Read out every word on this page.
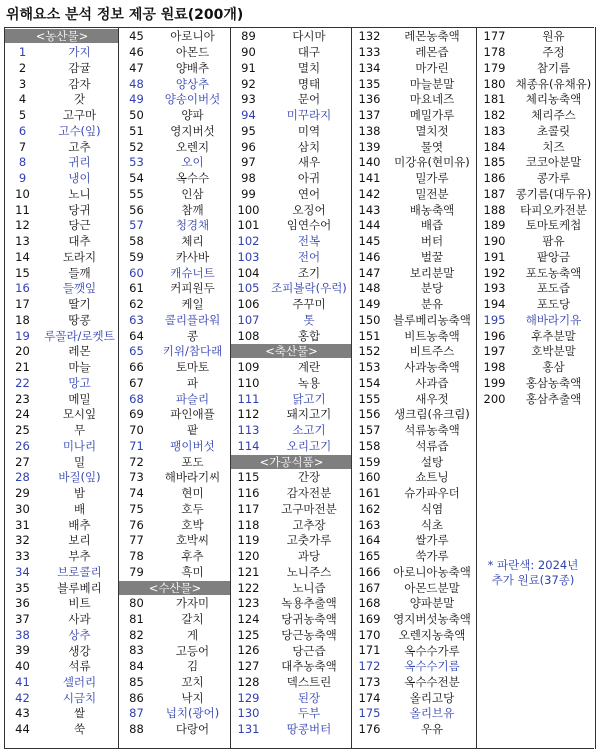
위해요소 분석 정보 제공 원료(200개)
<농산물>
1	가지
2	감귤
3	감자
4	갓
5	고구마
6	고수(잎)
7	고추
8	귀리
9	냉이
10	노니
11	당귀
12	당근
13	대추
14	도라지
15	들깨
16	들깻잎
17	딸기
18	땅콩
19	루꼴라/로켓트
20	레몬
21	마늘
22	망고
23	메밀
24	모시잎
25	무
26	미나리
27	밀
28	바질(잎)
29	밤
30	배
31	배추
32	보리
33	부추
34	브로콜리
35	블루베리
36	비트
37	사과
38	상추
39	생강
40	석류
41	셀러리
42	시금치
43	쌀
44	쑥
45	아로니아
46	아몬드
47	양배추
48	양상추
49	양송이버섯
50	양파
51	영지버섯
52	오렌지
53	오이
54	옥수수
55	인삼
56	참깨
57	청경채
58	체리
59	카사바
60	캐슈너트
61	커피원두
62	케일
63	콜리플라워
64	콩
65	키위/참다래
66	토마토
67	파
68	파슬리
69	파인애플
70	팥
71	팽이버섯
72	포도
73	해바라기씨
74	현미
75	호두
76	호박
77	호박씨
78	후추
79	흑미
<수산물>
80	가자미
81	갈치
82	게
83	고등어
84	김
85	꼬치
86	낙지
87	넙치(광어)
88	다랑어
89	다시마
90	대구
91	멸치
92	명태
93	문어
94	미꾸라지
95	미역
96	삼치
97	새우
98	아귀
99	연어
100	오징어
101	임연수어
102	전복
103	전어
104	조기
105	조피볼락(우럭)
106	주꾸미
107	톳
108	홍합
<축산물>
109	계란
110	녹용
111	닭고기
112	돼지고기
113	소고기
114	오리고기
<가공식품>
115	간장
116	감자전분
117	고구마전분
118	고추장
119	고춧가루
120	과당
121	노니주스
122	노니즙
123	녹용추출액
124	당귀농축액
125	당근농축액
126	당근즙
127	대추농축액
128	덱스트린
129	된장
130	두부
131	땅콩버터
132	레몬농축액
133	레몬즙
134	마가린
135	마늘분말
136	마요네즈
137	메밀가루
138	멸치젓
139	물엿
140	미강유(현미유)
141	밀가루
142	밀전분
143	배농축액
144	배즙
145	버터
146	벌꿀
147	보리분말
148	분당
149	분유
150	블루베리농축액
151	비트농축액
152	비트주스
153	사과농축액
154	사과즙
155	새우젓
156	생크림(유크림)
157	석류농축액
158	석류즙
159	설탕
160	쇼트닝
161	슈가파우더
162	식염
163	식초
164	쌀가루
165	쑥가루
166	아로니아농축액
167	아몬드분말
168	양파분말
169	영지버섯농축액
170	오렌지농축액
171	옥수수가루
172	옥수수기름
173	옥수수전분
174	올리고당
175	올리브유
176	우유
177	원유
178	주정
179	참기름
180 채종유(유채유)
181	체리농축액
182	체리주스
183	초콜릿
184	치즈
185	코코아분말
186	콩가루
187 콩기름(대두유)
188	타피오카전분
189	토마토케첩
190	팜유
191	팥앙금
192	포도농축액
193	포도즙
194	포도당
195	해바라기유
196	후추분말
197	호박분말
198	홍삼
199	홍삼농축액
200	홍삼추출액
* 파란색: 2024년
추가 원료(37종)
